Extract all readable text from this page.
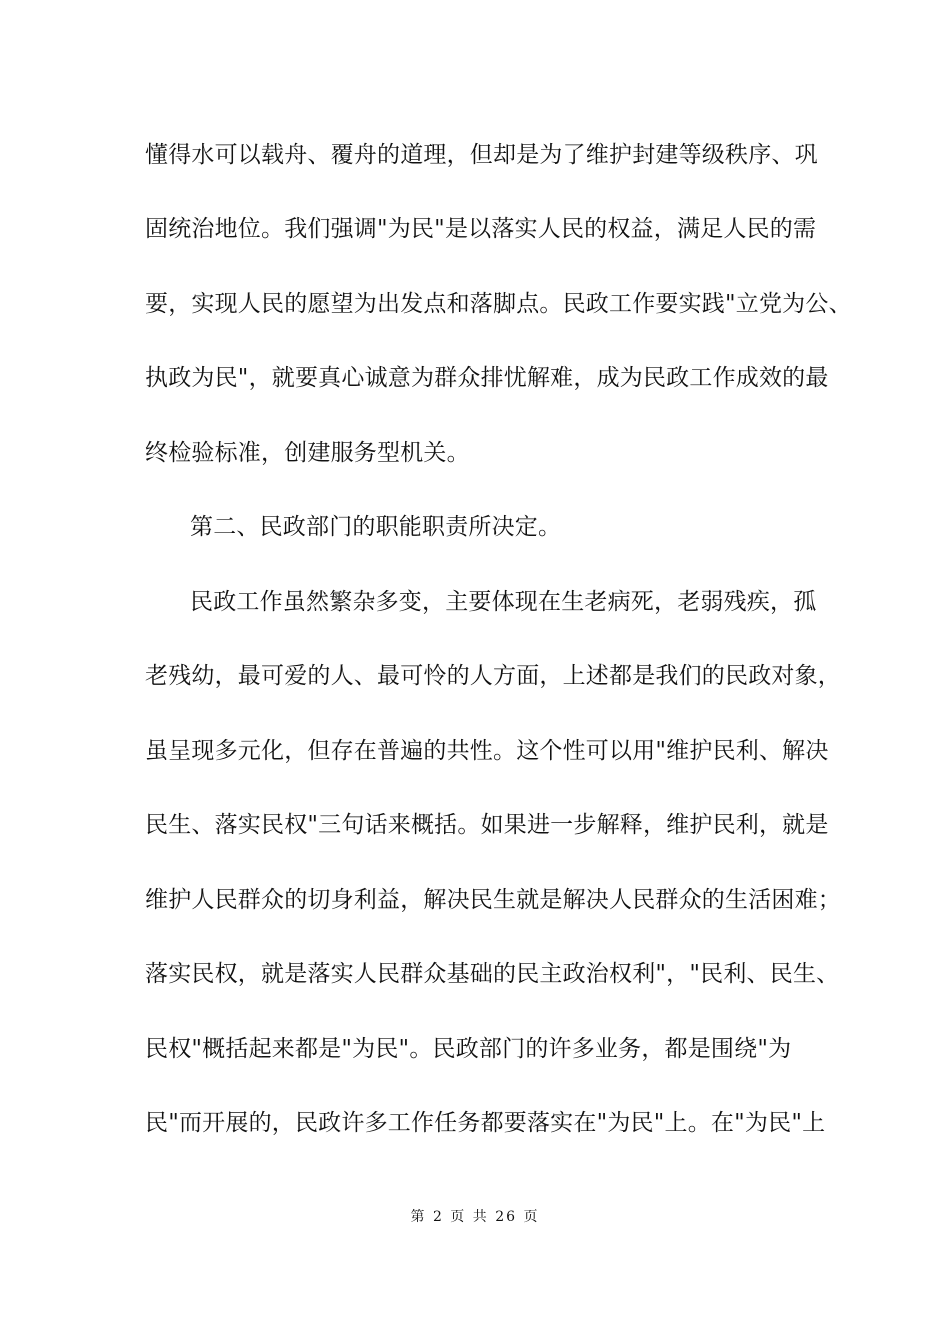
懂得水可以载舟、覆舟的道理，但却是为了维护封建等级秩序、巩
固统治地位。我们强调"为民"是以落实人民的权益，满足人民的需
要，实现人民的愿望为出发点和落脚点。民政工作要实践"立党为公、
执政为民"，就要真心诚意为群众排忧解难，成为民政工作成效的最
终检验标准，创建服务型机关。
第二、民政部门的职能职责所决定。
民政工作虽然繁杂多变，主要体现在生老病死，老弱残疾，孤
老残幼，最可爱的人、最可怜的人方面，上述都是我们的民政对象，
虽呈现多元化，但存在普遍的共性。这个性可以用"维护民利、解决
民生、落实民权"三句话来概括。如果进一步解释，维护民利，就是
维护人民群众的切身利益，解决民生就是解决人民群众的生活困难；
落实民权，就是落实人民群众基础的民主政治权利"，"民利、民生、
民权"概括起来都是"为民"。民政部门的许多业务，都是围绕"为
民"而开展的，民政许多工作任务都要落实在"为民"上。在"为民"上
第 2 页 共 26 页
